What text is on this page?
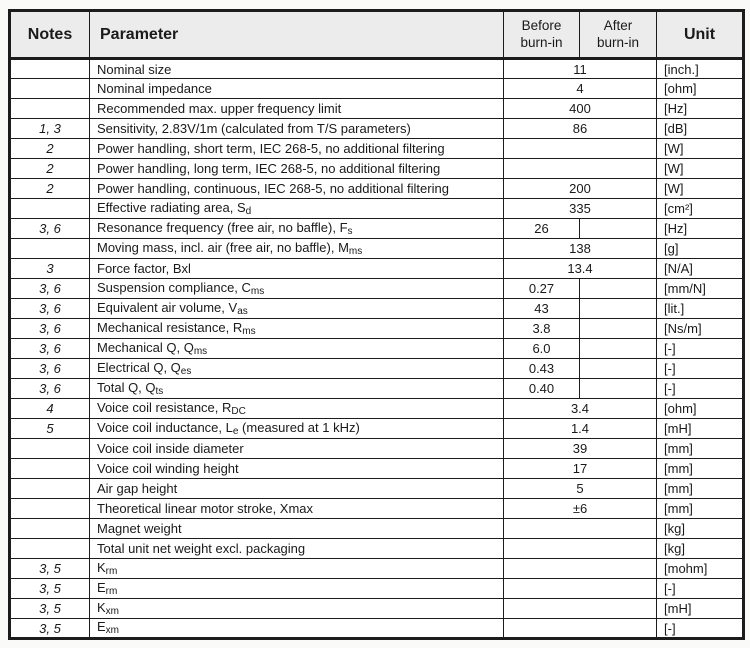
Notes	Parameter	Before
burn-in	After
burn-in	Unit
	Nominal size	11		[inch.]
	Nominal impedance	4		[ohm]
	Recommended max. upper frequency limit	400		[Hz]
1, 3	Sensitivity, 2.83V/1m (calculated from T/S parameters)	86		[dB]
2	Power handling, short term, IEC 268-5, no additional filtering			[W]
2	Power handling, long term, IEC 268-5, no additional filtering			[W]
2	Power handling, continuous, IEC 268-5, no additional filtering	200		[W]
	Effective radiating area, $S_d$	335		[cm²]
3, 6	Resonance frequency (free air, no baffle), $F_s$	26		[Hz]
	Moving mass, incl. air (free air, no baffle), $M_{ms}$	138		[g]
3	Force factor, Bxl	13.4		[N/A]
3, 6	Suspension compliance, $C_{ms}$	0.27		[mm/N]
3, 6	Equivalent air volume, $V_{as}$	43		[lit.]
3, 6	Mechanical resistance, $R_{ms}$	3.8		[Ns/m]
3, 6	Mechanical Q, $Q_{ms}$	6.0		[-]
3, 6	Electrical Q, $Q_{es}$	0.43		[-]
3, 6	Total Q, $Q_{ts}$	0.40		[-]
4	Voice coil resistance, $R_{DC}$	3.4		[ohm]
5	Voice coil inductance, $L_e$ (measured at 1 kHz)	1.4		[mH]
	Voice coil inside diameter	39		[mm]
	Voice coil winding height	17		[mm]
	Air gap height	5		[mm]
	Theoretical linear motor stroke, Xmax	±6		[mm]
	Magnet weight			[kg]
	Total unit net weight excl. packaging			[kg]
3, 5	$K_{rm}$			[mohm]
3, 5	$E_{rm}$			[-]
3, 5	$K_{xm}$			[mH]
3, 5	$E_{xm}$			[-]
